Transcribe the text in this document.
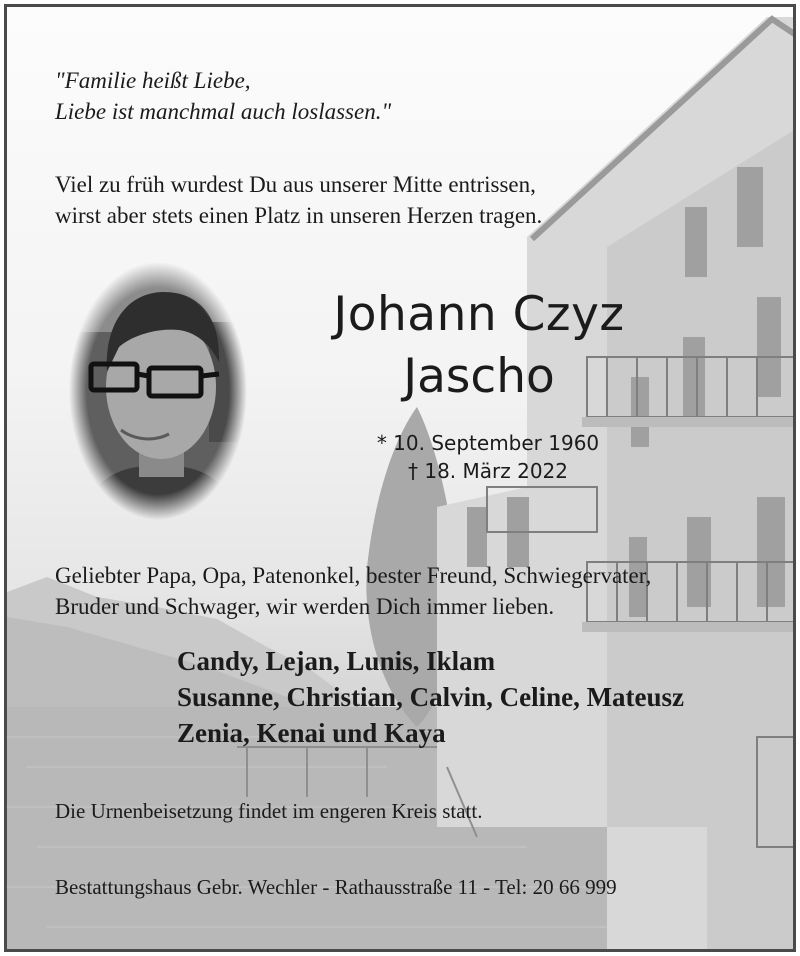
"Familie heißt Liebe,
Liebe ist manchmal auch loslassen."
Viel zu früh wurdest Du aus unserer Mitte entrissen,
wirst aber stets einen Platz in unseren Herzen tragen.
Johann Czyz
Jascho
* 10. September 1960
† 18. März 2022
Geliebter Papa, Opa, Patenonkel, bester Freund, Schwiegervater,
Bruder und Schwager, wir werden Dich immer lieben.
Candy, Lejan, Lunis, Iklam
Susanne, Christian, Calvin, Celine, Mateusz
Zenia, Kenai und Kaya
Die Urnenbeisetzung findet im engeren Kreis statt.
Bestattungshaus Gebr. Wechler - Rathausstraße 11 - Tel: 20 66 999
